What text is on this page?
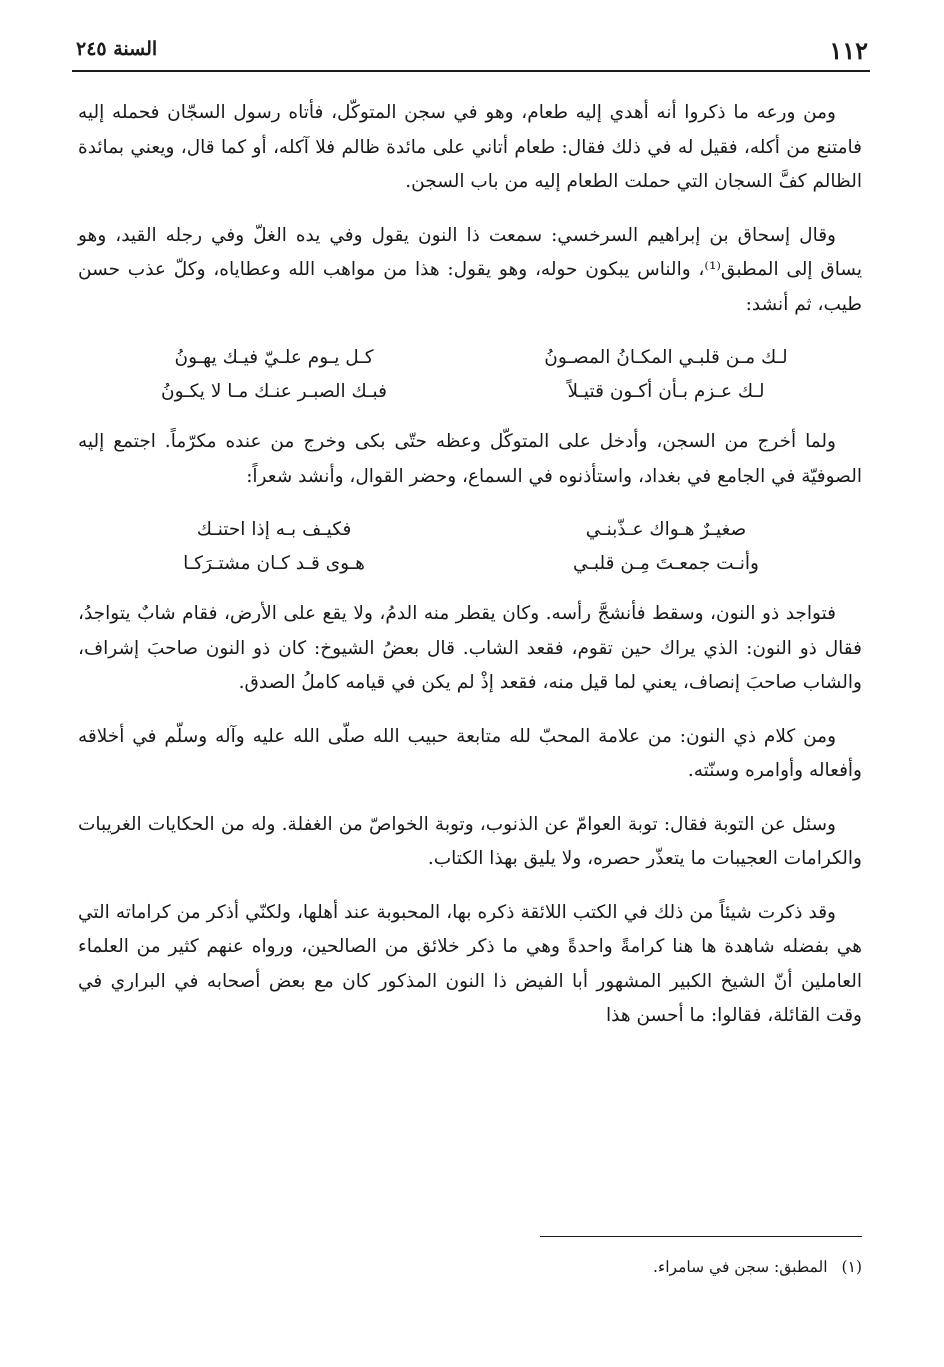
١١٢
السنة ٢٤٥

ومن ورعه ما ذكروا أنه أهدي إليه طعام، وهو في سجن المتوكّل، فأتاه رسول السجّان فحمله إليه فامتنع من أكله، فقيل له في ذلك فقال: طعام أتاني على مائدة ظالم فلا آكله، أو كما قال، ويعني بمائدة الظالم كفَّ السجان التي حملت الطعام إليه من باب السجن.

وقال إسحاق بن إبراهيم السرخسي: سمعت ذا النون يقول وفي يده الغلّ وفي رجله القيد، وهو يساق إلى المطبق⁽¹⁾، والناس يبكون حوله، وهو يقول: هذا من مواهب الله وعطاياه، وكلّ عذب حسن طيب، ثم أنشد:

لـك مـن قلبـي المكـانُ المصـونُ
كـل يـوم علـيّ فيـك يهـونُ
لـك عـزم بـأن أكـون قتيـلاً
فبـك الصبـر عنـك مـا لا يكـونُ

ولما أخرج من السجن، وأدخل على المتوكّل وعظه حتّى بكى وخرج من عنده مكرّماً. اجتمع إليه الصوفيّة في الجامع في بغداد، واستأذنوه في السماع، وحضر القوال، وأنشد شعراً:

صغيـرٌ هـواك عـذّبنـي
فكيـف بـه إذا احتنـك
وأنـت جمعـتَ مِـن قلبـي
هـوى قـد كـان مشتـرَكـا

فتواجد ذو النون، وسقط فأنشجَّ رأسه. وكان يقطر منه الدمُ، ولا يقع على الأرض، فقام شابٌ يتواجدُ، فقال ذو النون: الذي يراك حين تقوم، فقعد الشاب. قال بعضُ الشيوخ: كان ذو النون صاحبَ إشراف، والشاب صاحبَ إنصاف، يعني لما قيل منه، فقعد إذْ لم يكن في قيامه كاملُ الصدق.

ومن كلام ذي النون: من علامة المحبّ لله متابعة حبيب الله صلّى الله عليه وآله وسلّم في أخلاقه وأفعاله وأوامره وسنّته.

وسئل عن التوبة فقال: توبة العوامّ عن الذنوب، وتوبة الخواصّ من الغفلة. وله من الحكايات الغريبات والكرامات العجيبات ما يتعذّر حصره، ولا يليق بهذا الكتاب.

وقد ذكرت شيئاً من ذلك في الكتب اللائقة ذكره بها، المحبوبة عند أهلها، ولكنّي أذكر من كراماته التي هي بفضله شاهدة ها هنا كرامةً واحدةً وهي ما ذكر خلائق من الصالحين، ورواه عنهم كثير من العلماء العاملين أنّ الشيخ الكبير المشهور أبا الفيض ذا النون المذكور كان مع بعض أصحابه في البراري في وقت القائلة، فقالوا: ما أحسن هذا

(١)المطبق: سجن في سامراء.
